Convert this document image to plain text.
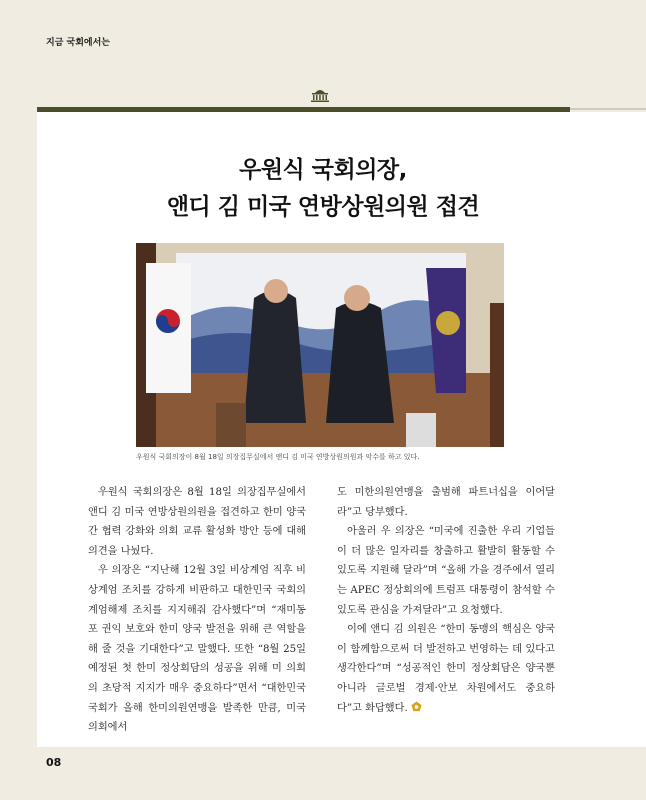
지금 국회에서는
우원식 국회의장,
앤디 김 미국 연방상원의원 접견
우원식 국회의장이 8월 18일 의장집무실에서 앤디 김 미국 연방상원의원과 악수를 하고 있다.

우원식 국회의장은 8월 18일 의장집무실에서 앤디 김 미국 연방상원의원을 접견하고 한미 양국 간 협력 강화와 의회 교류 활성화 방안 등에 대해 의견을 나눴다.

우 의장은 “지난해 12월 3일 비상계엄 직후 비상계엄 조치를 강하게 비판하고 대한민국 국회의 계엄해제 조치를 지지해줘 감사했다”며 “재미동포 권익 보호와 한미 양국 발전을 위해 큰 역할을 해 줄 것을 기대한다”고 말했다. 또한 “8월 25일 예정된 첫 한미 정상회담의 성공을 위해 미 의회의 초당적 지지가 매우 중요하다”면서 “대한민국국회가 올해 한미의원연맹을 발족한 만큼, 미국 의회에서

도 미한의원연맹을 출범해 파트너십을 이어달라”고 당부했다.

아울러 우 의장은 “미국에 진출한 우리 기업들이 더 많은 일자리를 창출하고 활발히 활동할 수 있도록 지원해 달라”며 “올해 가을 경주에서 열리는 APEC 정상회의에 트럼프 대통령이 참석할 수 있도록 관심을 가져달라”고 요청했다.

이에 앤디 김 의원은 “한미 동맹의 핵심은 양국이 함께함으로써 더 발전하고 번영하는 데 있다고 생각한다”며 “성공적인 한미 정상회담은 양국뿐 아니라 글로벌 경제·안보 차원에서도 중요하다”고 화답했다.

08
